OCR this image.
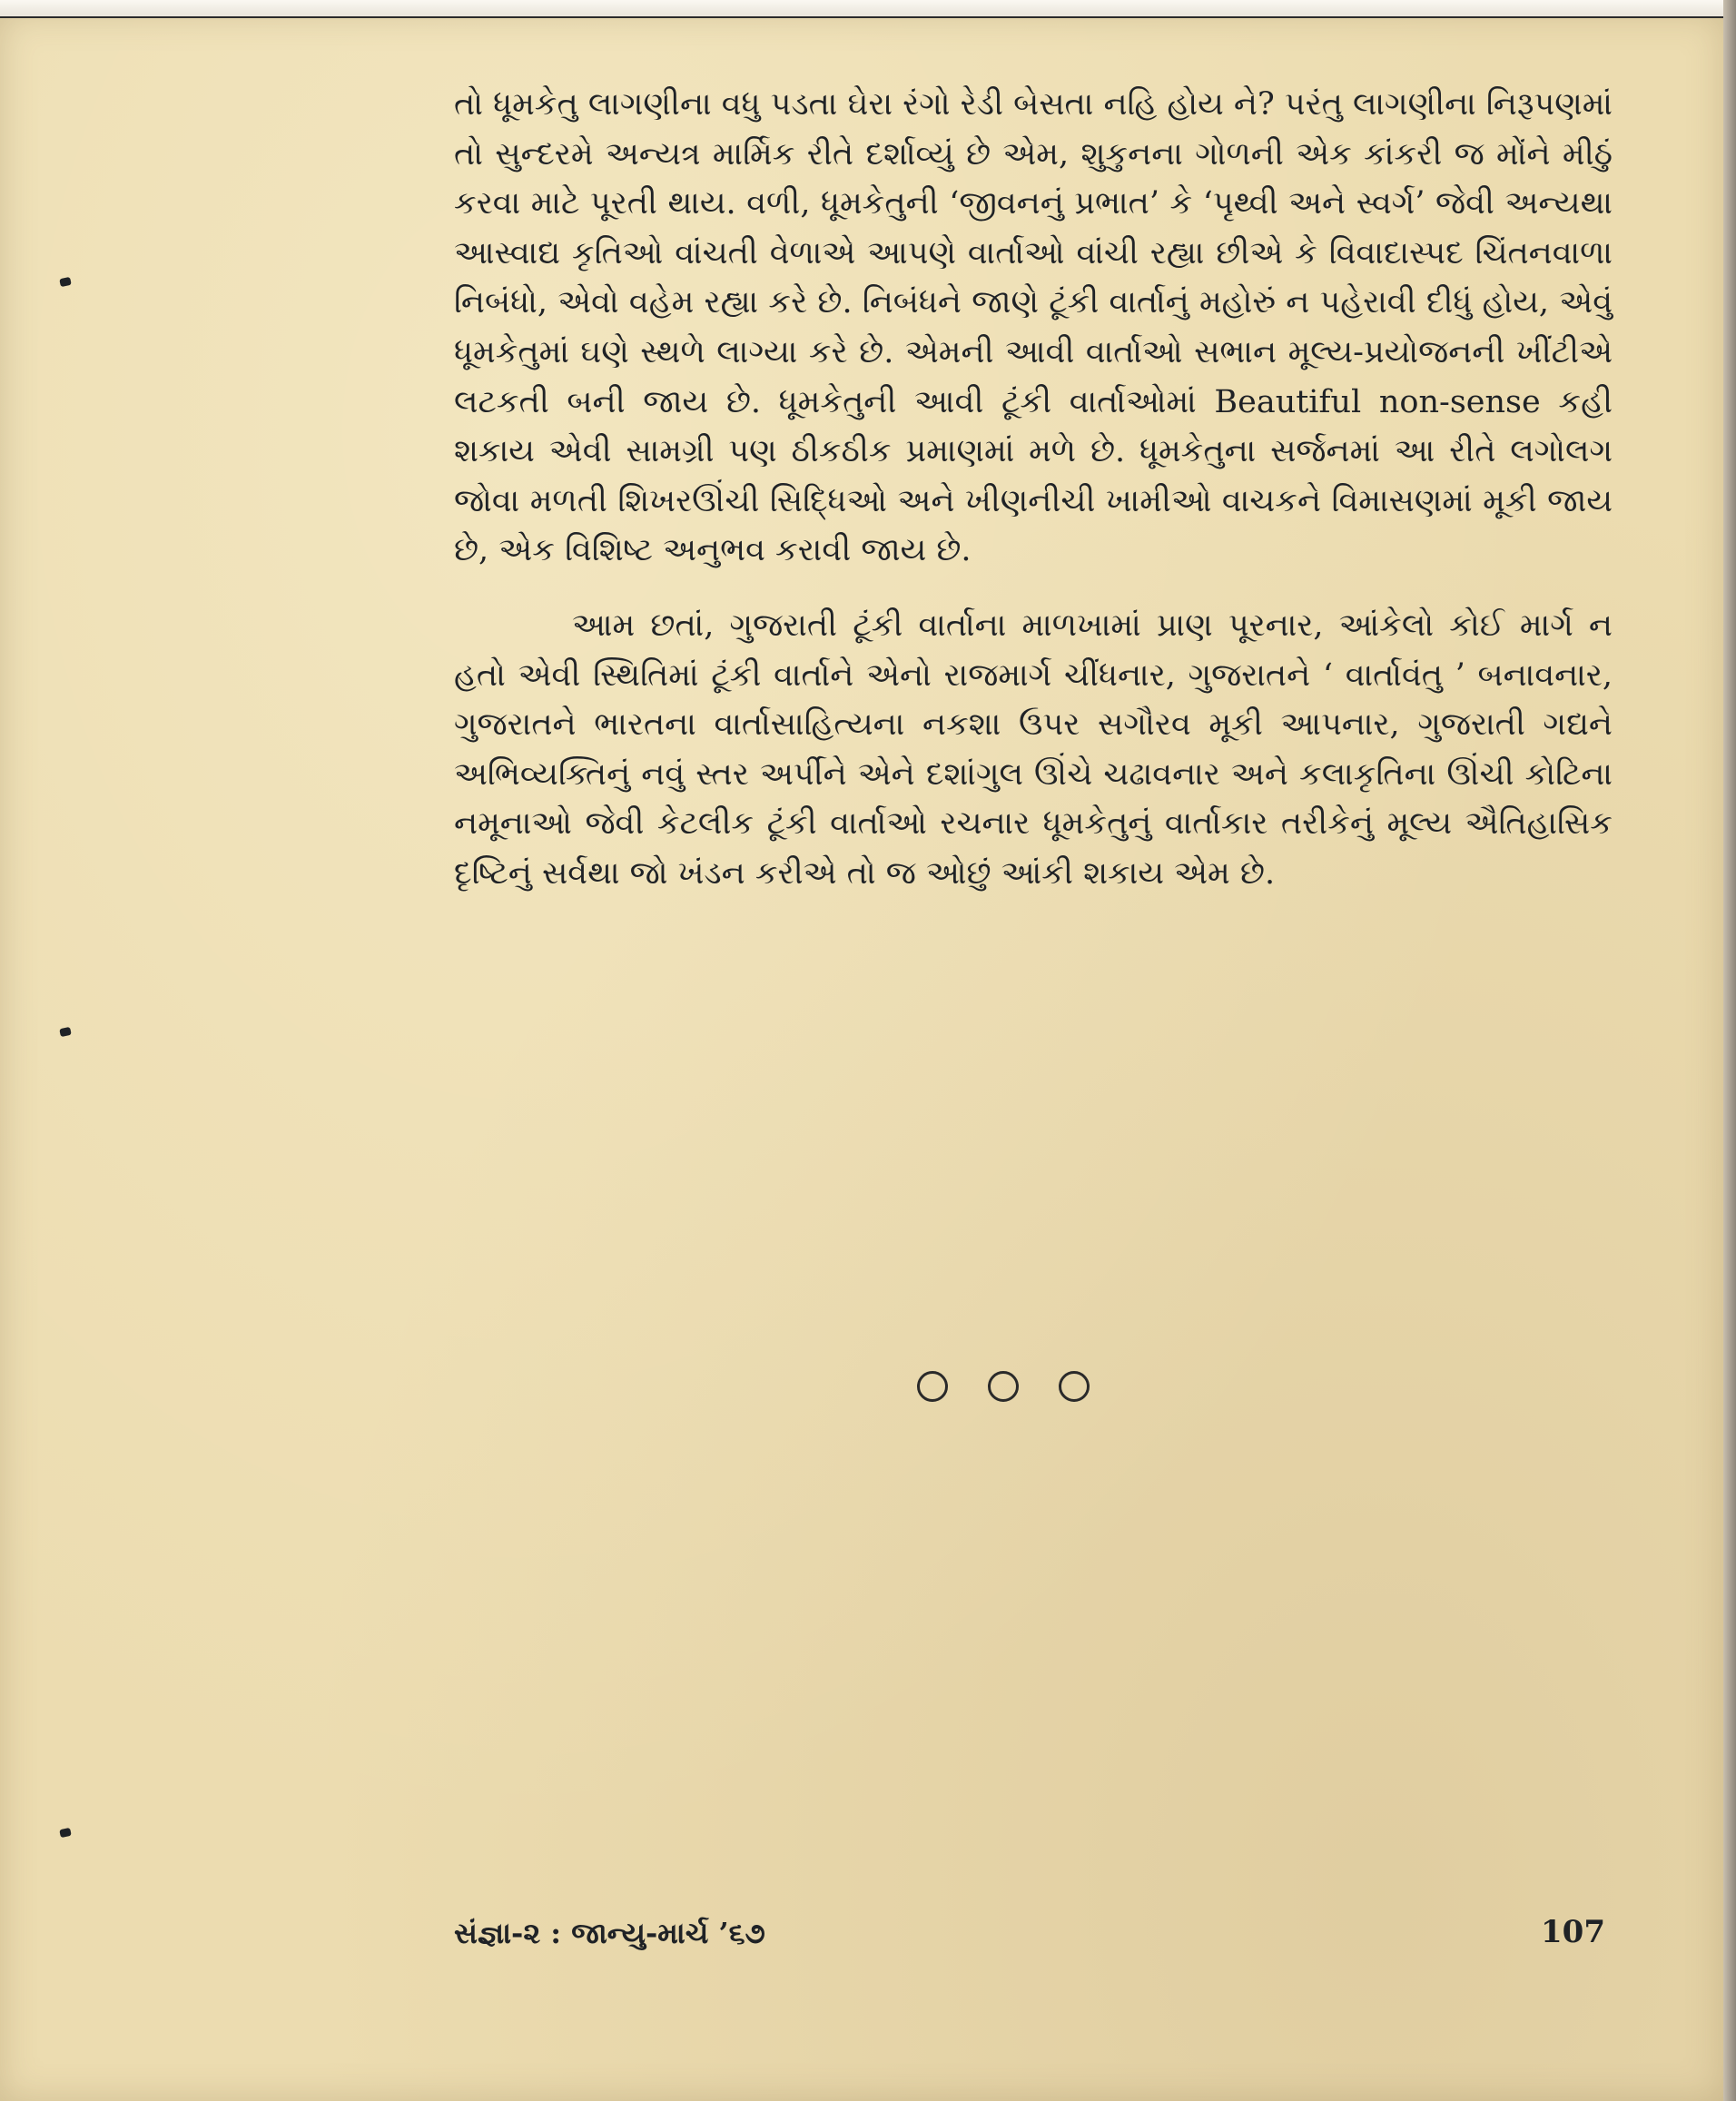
તો ધૂમકેતુ લાગણીના વધુ પડતા ઘેરા રંગો રેડી બેસતા નહિ હોય ને? પરંતુ લાગણીના નિરૂપણમાં તો સુન્દરમે અન્યત્ર માર્મિક રીતે દર્શાવ્યું છે એમ, શુકુનના ગોળની એક કાંકરી જ મોંને મીઠું કરવા માટે પૂરતી થાય. વળી, ધૂમકેતુની ‘જીવનનું પ્રભાત’ કે ‘પૃથ્વી અને સ્વર્ગ’ જેવી અન્યથા આસ્વાદ્ય કૃતિઓ વાંચતી વેળાએ આપણે વાર્તાઓ વાંચી રહ્યા છીએ કે વિવાદાસ્પદ ચિંતનવાળા નિબંધો, એવો વહેમ રહ્યા કરે છે. નિબંધને જાણે ટૂંકી વાર્તાનું મહોરું ન પહેરાવી દીધું હોય, એવું ધૂમકેતુમાં ઘણે સ્થળે લાગ્યા કરે છે. એમની આવી વાર્તાઓ સભાન મૂલ્ય-પ્રયોજનની ખીંટીએ લટકતી બની જાય છે. ધૂમકેતુની આવી ટૂંકી વાર્તાઓમાં Beautiful non-sense કહી શકાય એવી સામગ્રી પણ ઠીકઠીક પ્રમાણમાં મળે છે. ધૂમકેતુના સર્જનમાં આ રીતે લગોલગ જોવા મળતી શિખરઊંચી સિદ્ધિઓ અને ખીણનીચી ખામીઓ વાચકને વિમાસણમાં મૂકી જાય છે, એક વિશિષ્ટ અનુભવ કરાવી જાય છે.

આમ છતાં, ગુજરાતી ટૂંકી વાર્તાના માળખામાં પ્રાણ પૂરનાર, આંકેલો કોઈ માર્ગ ન હતો એવી સ્થિતિમાં ટૂંકી વાર્તાને એનો રાજમાર્ગ ચીંધનાર, ગુજરાતને ‘ વાર્તાવંતુ ’ બનાવનાર, ગુજરાતને ભારતના વાર્તાસાહિત્યના નકશા ઉપર સગૌરવ મૂકી આપનાર, ગુજરાતી ગદ્યને અભિવ્યક્તિનું નવું સ્તર અર્પીને એને દશાંગુલ ઊંચે ચઢાવનાર અને કલાકૃતિના ઊંચી કોટિના નમૂનાઓ જેવી કેટલીક ટૂંકી વાર્તાઓ રચનાર ધૂમકેતુનું વાર્તાકાર તરીકેનું મૂલ્ય ઐતિહાસિક દૃષ્ટિનું સર્વથા જો ખંડન કરીએ તો જ ઓછું આંકી શકાય એમ છે.

સંજ્ઞા-૨ : જાન્યુ-માર્ચ ’૬૭	107
